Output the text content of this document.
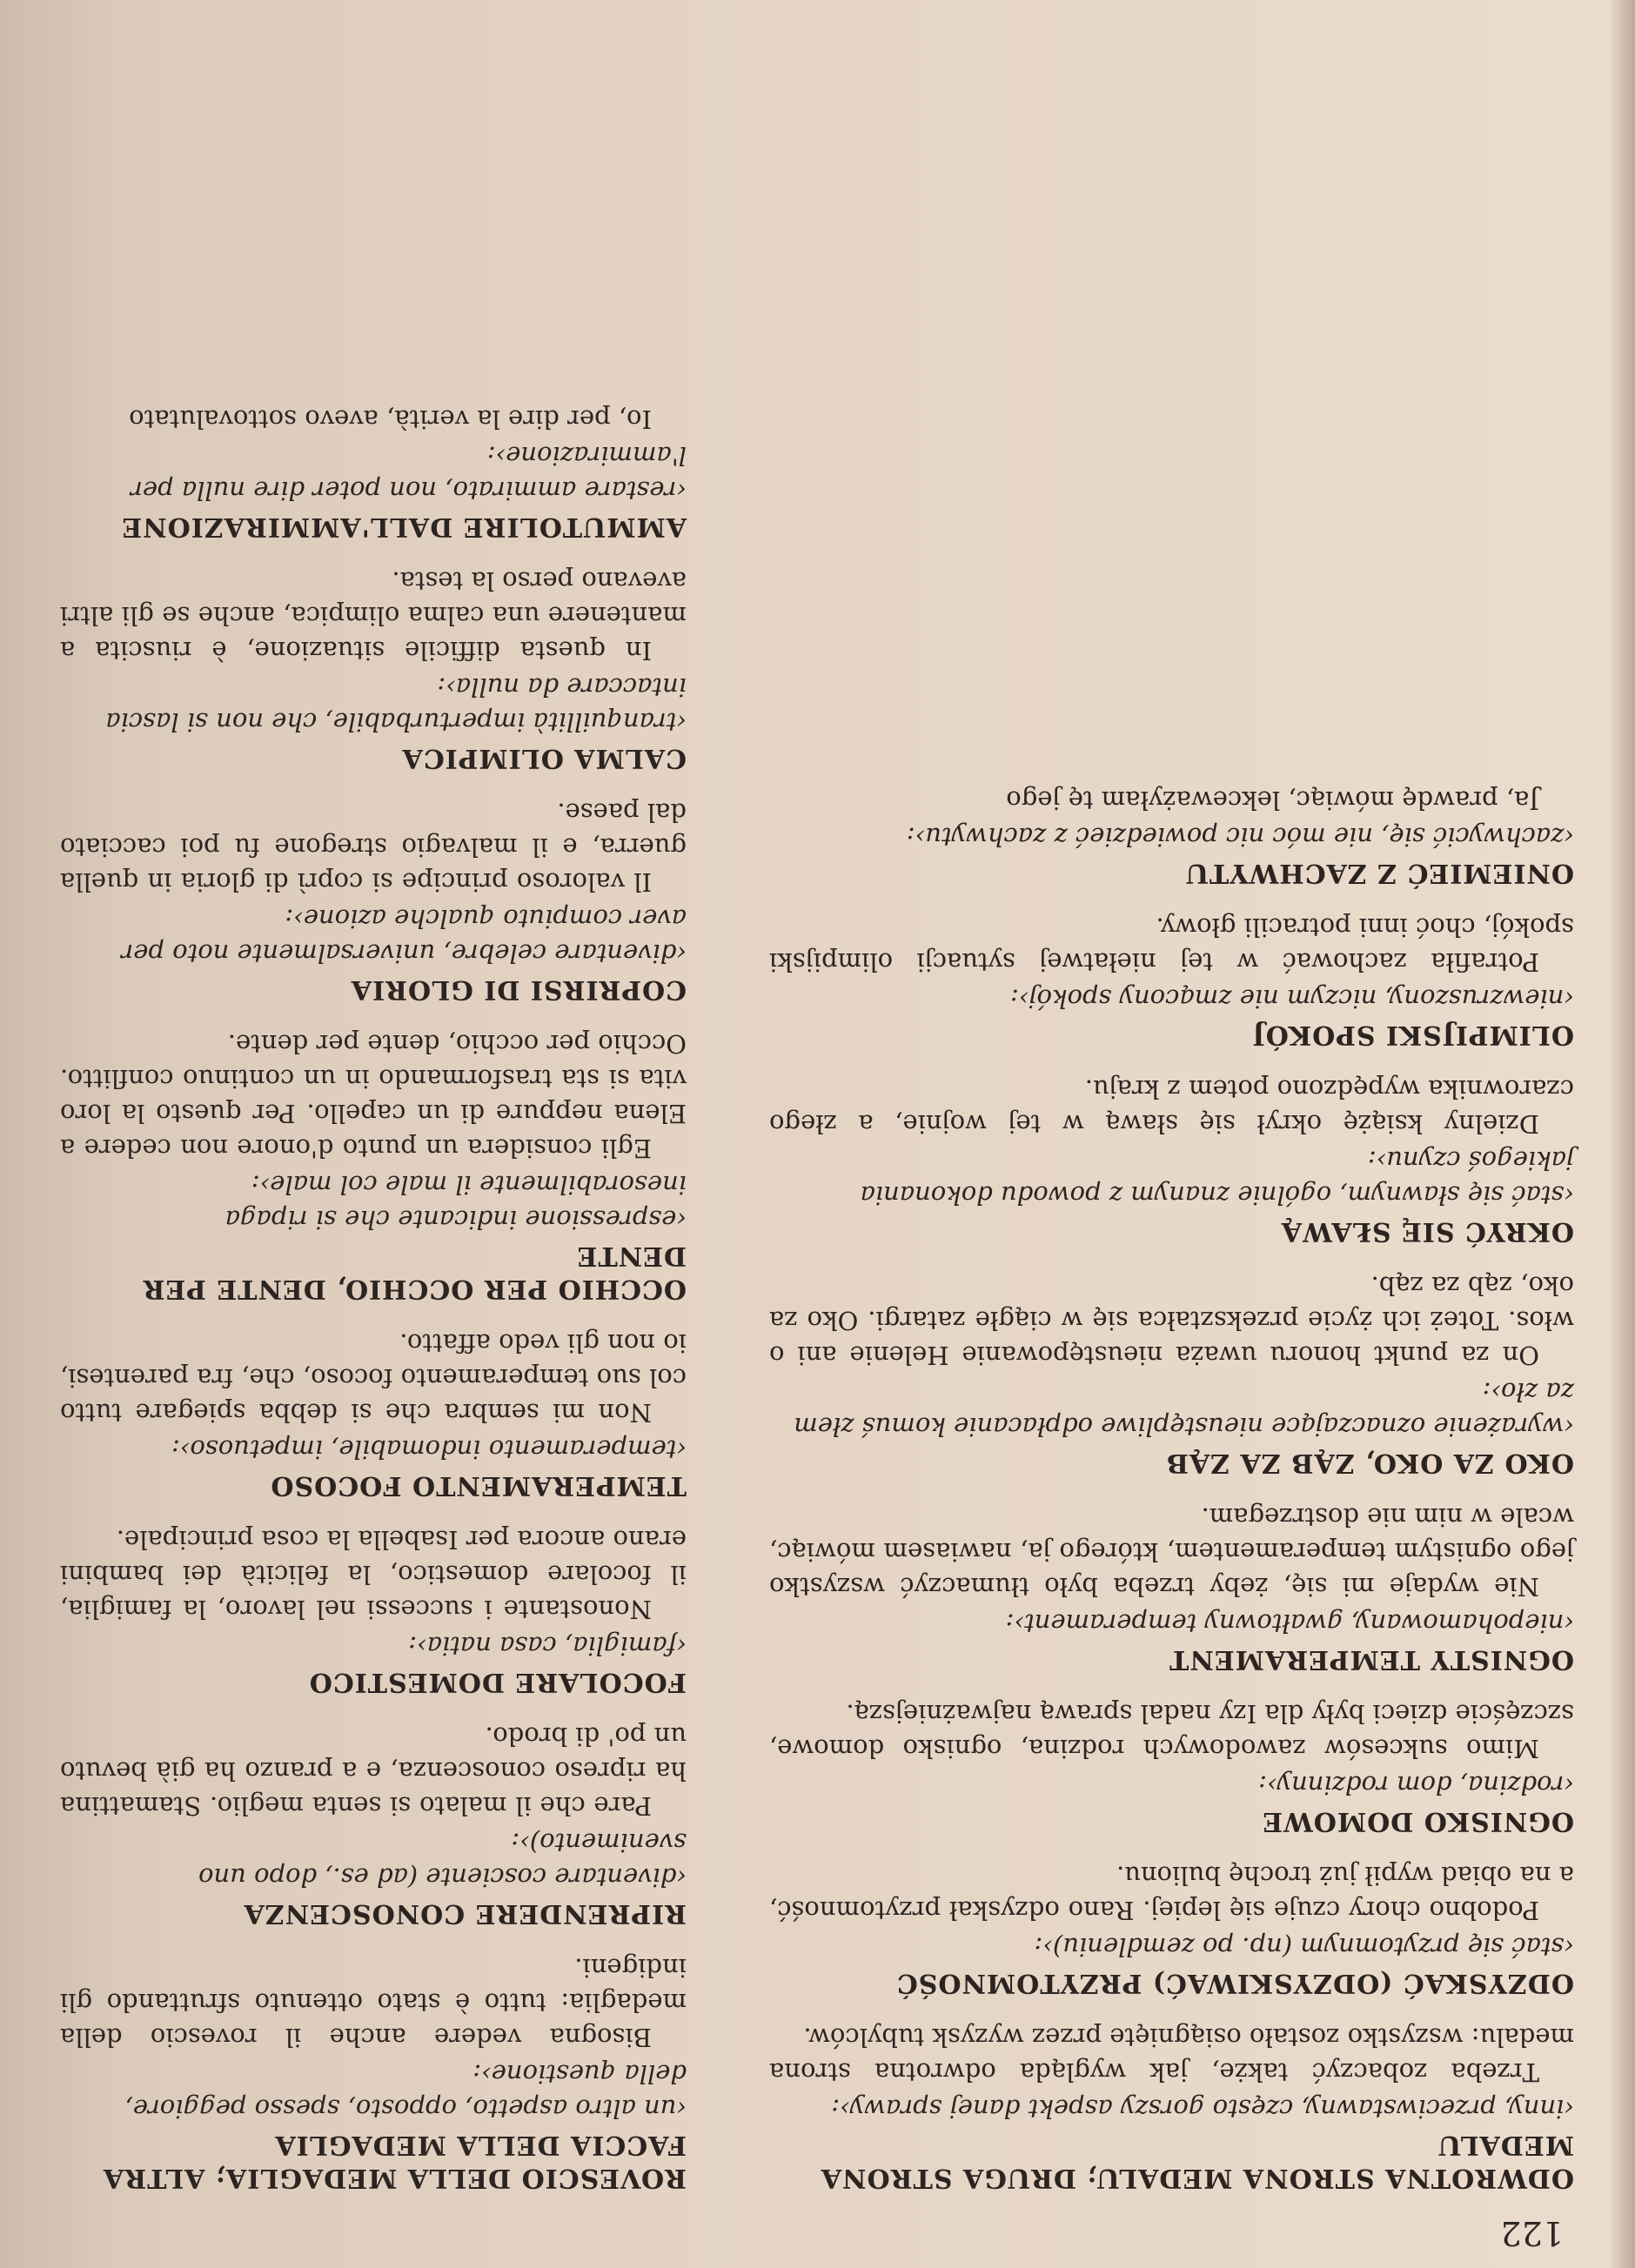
122
ODWROTNA STRONA MEDALU; DRUGA STRONA MEDALU
‹inny, przeciwstawny, często gorszy aspekt danej sprawy›:
Trzeba zobaczyć także, jak wygląda odwrotna strona medalu: wszystko zostało osiągnięte przez wyzysk tubylców.
ODZYSKAĆ (ODZYSKIWAĆ) PRZYTOMNOŚĆ
‹stać się przytomnym (np. po zemdleniu)›:
Podobno chory czuje się lepiej. Rano odzyskał przytomność, a na obiad wypił już trochę bulionu.
OGNISKO DOMOWE
‹rodzina, dom rodzinny›:
Mimo sukcesów zawodowych rodzina, ognisko domowe, szczęście dzieci były dla Izy nadal sprawą najważniejszą.
OGNISTY TEMPERAMENT
‹niepohamowany, gwałtowny temperament›:
Nie wydaje mi się, żeby trzeba było tłumaczyć wszystko jego ognistym temperamentem, którego ja, nawiasem mówiąc, wcale w nim nie dostrzegam.
OKO ZA OKO, ZĄB ZA ZĄB
‹wyrażenie oznaczające nieustępliwe odpłacanie komuś złem za zło›:
On za punkt honoru uważa nieustępowanie Helenie ani o włos. Toteż ich życie przekształca się w ciągłe zatargi. Oko za oko, ząb za ząb.
OKRYĆ SIĘ SŁAWĄ
‹stać się sławnym, ogólnie znanym z powodu dokonania jakiegoś czynu›:
Dzielny książę okrył się sławą w tej wojnie, a złego czarownika wypędzono potem z kraju.
OLIMPIJSKI SPOKÓJ
‹niewzruszony, niczym nie zmącony spokój›:
Potrafiła zachować w tej niełatwej sytuacji olimpijski spokój, choć inni potracili głowy.
ONIEMIEĆ Z ZACHWYTU
‹zachwycić się, nie móc nic powiedzieć z zachwytu›:
Ja, prawdę mówiąc, lekceważyłam tę jego
ROVESCIO DELLA MEDAGLIA; ALTRA FACCIA DELLA MEDAGLIA
‹un altro aspetto, opposto, spesso peggiore, della questione›:
Bisogna vedere anche il rovescio della medaglia: tutto è stato ottenuto sfruttando gli indigeni.
RIPRENDERE CONOSCENZA
‹diventare cosciente (ad es., dopo uno svenimento)›:
Pare che il malato si senta meglio. Stamattina ha ripreso conoscenza, e a pranzo ha già bevuto un po' di brodo.
FOCOLARE DOMESTICO
‹famiglia, casa natia›:
Nonostante i successi nel lavoro, la famiglia, il focolare domestico, la felicità dei bambini erano ancora per Isabella la cosa principale.
TEMPERAMENTO FOCOSO
‹temperamento indomabile, impetuoso›:
Non mi sembra che si debba spiegare tutto col suo temperamento focoso, che, fra parentesi, io non gli vedo affatto.
OCCHIO PER OCCHIO, DENTE PER DENTE
‹espressione indicante che si ripaga inesorabilmente il male col male›:
Egli considera un punto d'onore non cedere a Elena neppure di un capello. Per questo la loro vita si sta trasformando in un continuo conflitto. Occhio per occhio, dente per dente.
COPRIRSI DI GLORIA
‹diventare celebre, universalmente noto per aver compiuto qualche azione›:
Il valoroso principe si coprì di gloria in quella guerra, e il malvagio stregone fu poi cacciato dal paese.
CALMA OLIMPICA
‹tranquillità imperturbabile, che non si lascia intaccare da nulla›:
In questa difficile situazione, è riuscita a mantenere una calma olimpica, anche se gli altri avevano perso la testa.
AMMUTOLIRE DALL'AMMIRAZIONE
‹restare ammirato, non poter dire nulla per l'ammirazione›:
Io, per dire la verità, avevo sottovalutato
